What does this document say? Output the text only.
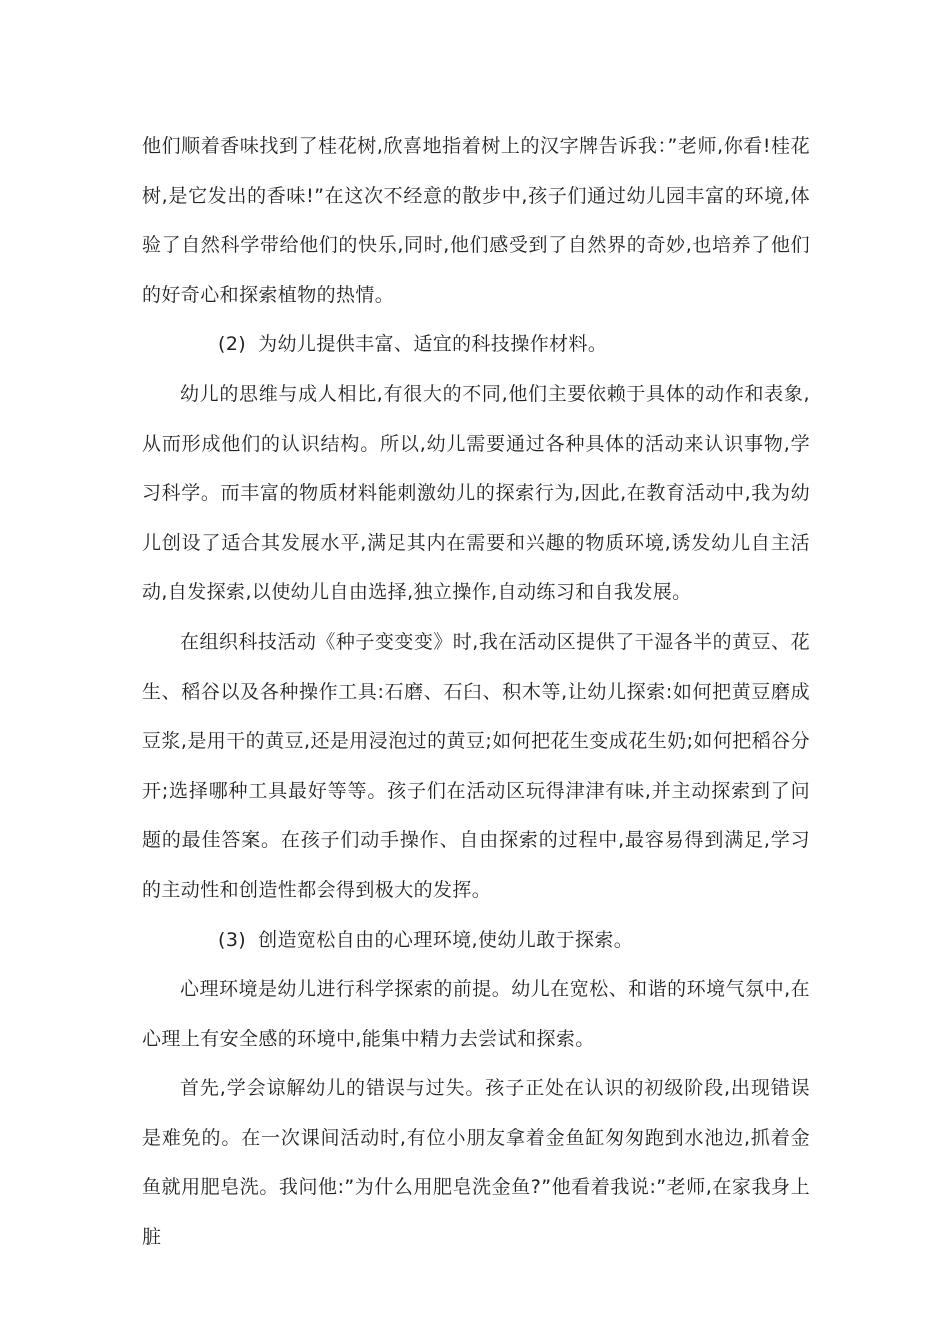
他们顺着香味找到了桂花树,欣喜地指着树上的汉字牌告诉我：”老师,你看!桂花树,是它发出的香味!”在这次不经意的散步中,孩子们通过幼儿园丰富的环境,体验了自然科学带给他们的快乐,同时,他们感受到了自然界的奇妙,也培养了他们的好奇心和探索植物的热情。

(2) 为幼儿提供丰富、适宜的科技操作材料。

幼儿的思维与成人相比,有很大的不同,他们主要依赖于具体的动作和表象,从而形成他们的认识结构。所以,幼儿需要通过各种具体的活动来认识事物,学习科学。而丰富的物质材料能刺激幼儿的探索行为,因此,在教育活动中,我为幼儿创设了适合其发展水平,满足其内在需要和兴趣的物质环境,诱发幼儿自主活动,自发探索,以使幼儿自由选择,独立操作,自动练习和自我发展。

在组织科技活动《种子变变变》时,我在活动区提供了干湿各半的黄豆、花生、稻谷以及各种操作工具:石磨、石臼、积木等,让幼儿探索:如何把黄豆磨成豆浆,是用干的黄豆,还是用浸泡过的黄豆;如何把花生变成花生奶;如何把稻谷分开;选择哪种工具最好等等。孩子们在活动区玩得津津有味,并主动探索到了问题的最佳答案。在孩子们动手操作、自由探索的过程中,最容易得到满足,学习的主动性和创造性都会得到极大的发挥。

(3) 创造宽松自由的心理环境,使幼儿敢于探索。

心理环境是幼儿进行科学探索的前提。幼儿在宽松、和谐的环境气氛中,在心理上有安全感的环境中,能集中精力去尝试和探索。

首先,学会谅解幼儿的错误与过失。孩子正处在认识的初级阶段,出现错误是难免的。在一次课间活动时,有位小朋友拿着金鱼缸匆匆跑到水池边,抓着金鱼就用肥皂洗。我问他:”为什么用肥皂洗金鱼?”他看着我说:”老师,在家我身上脏
